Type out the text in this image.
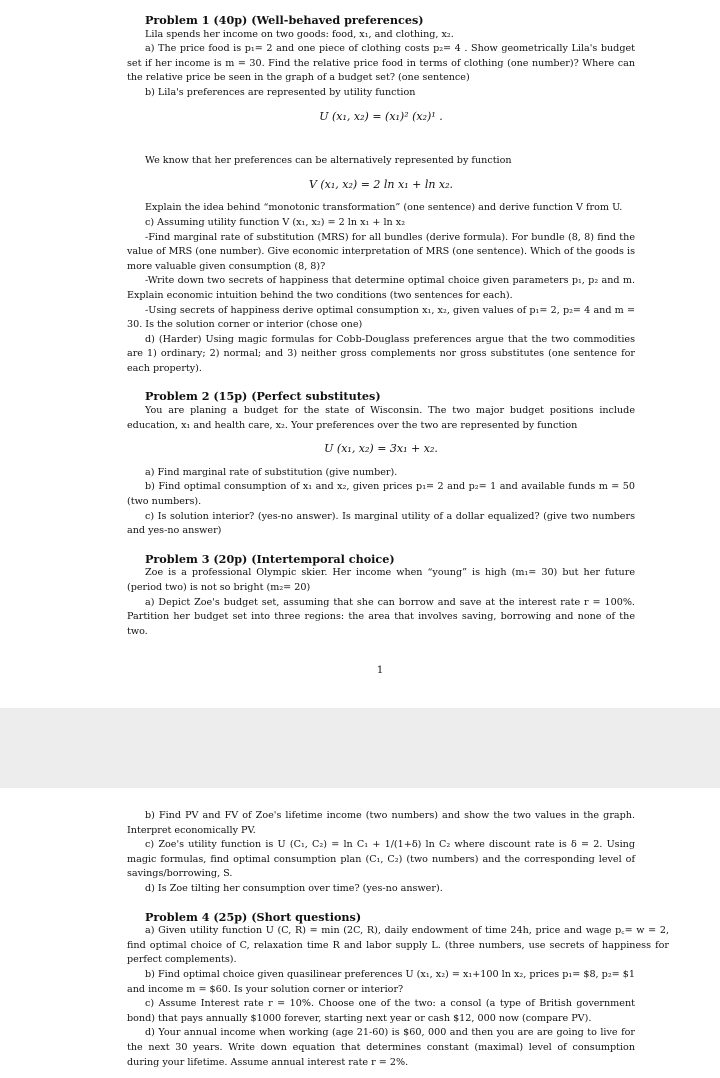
Problem 1 (40p) (Well-behaved preferences)

Lila spends her income on two goods: food, x₁, and clothing, x₂.

a) The price food is p₁= 2 and one piece of clothing costs p₂= 4 . Show geometrically Lila's budget set if her income is m = 30. Find the relative price food in terms of clothing (one number)? Where can the relative price be seen in the graph of a budget set? (one sentence)

b) Lila's preferences are represented by utility function

U (x₁, x₂) = (x₁)² (x₂)¹ .

We know that her preferences can be alternatively represented by function

V (x₁, x₂) = 2 ln x₁ + ln x₂.

Explain the idea behind “monotonic transformation” (one sentence) and derive function V from U.

c) Assuming utility function V (x₁, x₂) = 2 ln x₁ + ln x₂

-Find marginal rate of substitution (MRS) for all bundles (derive formula). For bundle (8, 8) find the value of MRS (one number). Give economic interpretation of MRS (one sentence). Which of the goods is more valuable given consumption (8, 8)?

-Write down two secrets of happiness that determine optimal choice given parameters p₁, p₂ and m. Explain economic intuition behind the two conditions (two sentences for each).

-Using secrets of happiness derive optimal consumption x₁, x₂, given values of p₁= 2, p₂= 4 and m = 30. Is the solution corner or interior (chose one)

d) (Harder) Using magic formulas for Cobb-Douglass preferences argue that the two commodities are 1) ordinary; 2) normal; and 3) neither gross complements nor gross substitutes (one sentence for each property).

Problem 2 (15p) (Perfect substitutes)

You are planing a budget for the state of Wisconsin. The two major budget positions include education, x₁ and health care, x₂. Your preferences over the two are represented by function

U (x₁, x₂) = 3x₁ + x₂.

a) Find marginal rate of substitution (give number).

b) Find optimal consumption of x₁ and x₂, given prices p₁= 2 and p₂= 1 and available funds m = 50 (two numbers).

c) Is solution interior? (yes-no answer). Is marginal utility of a dollar equalized? (give two numbers and yes-no answer)

Problem 3 (20p) (Intertemporal choice)

Zoe is a professional Olympic skier. Her income when “young” is high (m₁= 30) but her future (period two) is not so bright (m₂= 20)

a) Depict Zoe's budget set, assuming that she can borrow and save at the interest rate r = 100%. Partition her budget set into three regions: the area that involves saving, borrowing and none of the two.

1

b) Find PV and FV of Zoe's lifetime income (two numbers) and show the two values in the graph. Interpret economically PV.

c) Zoe's utility function is U (C₁, C₂) = ln C₁ + 1/(1+δ) ln C₂ where discount rate is δ = 2. Using magic formulas, find optimal consumption plan (C₁, C₂) (two numbers) and the corresponding level of savings/borrowing, S.

d) Is Zoe tilting her consumption over time? (yes-no answer).

Problem 4 (25p) (Short questions)

a) Given utility function U (C, R) = min (2C, R), daily endowment of time 24h, price and wage p꜀= w = 2, find optimal choice of C, relaxation time R and labor supply L. (three numbers, use secrets of happiness for perfect complements).

b) Find optimal choice given quasilinear preferences U (x₁, x₂) = x₁+100 ln x₂, prices p₁= $8, p₂= $1 and income m = $60. Is your solution corner or interior?

c) Assume Interest rate r = 10%. Choose one of the two: a consol (a type of British government bond) that pays annually $1000 forever, starting next year or cash $12, 000 now (compare PV).

d) Your annual income when working (age 21-60) is $60, 000 and then you are are going to live for the next 30 years. Write down equation that determines constant (maximal) level of consumption during your lifetime. Assume annual interest rate r = 2%.
